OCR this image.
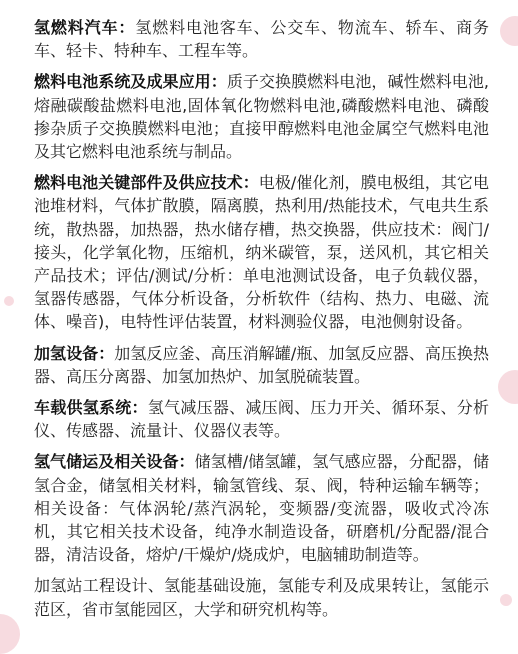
氢燃料汽车：氢燃料电池客车、公交车、物流车、轿车、商务车、轻卡、特种车、工程车等。

燃料电池系统及成果应用：质子交换膜燃料电池，碱性燃料电池,熔融碳酸盐燃料电池,固体氧化物燃料电池,磷酸燃料电池、磷酸掺杂质子交换膜燃料电池；直接甲醇燃料电池金属空气燃料电池及其它燃料电池系统与制品。

燃料电池关键部件及供应技术：电极/催化剂，膜电极组，其它电池堆材料，气体扩散膜，隔离膜，热利用/热能技术，气电共生系统，散热器，加热器，热水储存槽，热交换器，供应技术：阀门/接头，化学氧化物，压缩机，纳米碳管，泵，送风机，其它相关产品技术；评估/测试/分析：单电池测试设备，电子负载仪器，氢器传感器，气体分析设备，分析软件（结构、热力、电磁、流体、噪音)，电特性评估装置，材料测验仪器，电池侧射设备。

加氢设备：加氢反应釜、高压消解罐/瓶、加氢反应器、高压换热器、高压分离器、加氢加热炉、加氢脱硫装置。

车载供氢系统：氢气减压器、减压阀、压力开关、循环泵、分析仪、传感器、流量计、仪器仪表等。

氢气储运及相关设备：储氢槽/储氢罐，氢气感应器，分配器，储氢合金，储氢相关材料，输氢管线、泵、阀，特种运输车辆等；相关设备：气体涡轮/蒸汽涡轮，变频器/变流器，吸收式冷冻机，其它相关技术设备，纯净水制造设备，研磨机/分配器/混合器，清洁设备，熔炉/干燥炉/烧成炉，电脑辅助制造等。

加氢站工程设计、氢能基础设施，氢能专利及成果转让，氢能示范区，省市氢能园区，大学和研究机构等。
